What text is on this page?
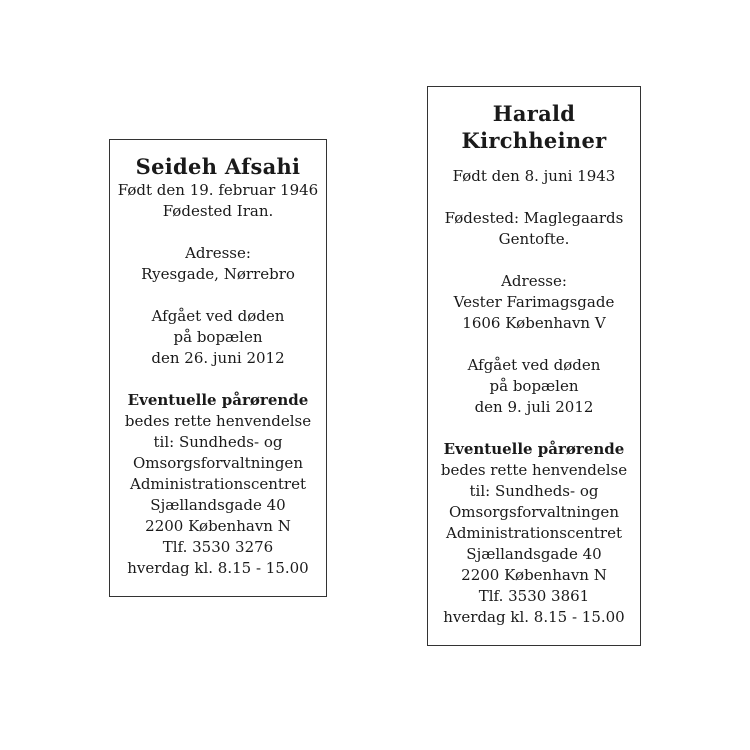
Seideh Afsahi
Født den 19. februar 1946
Fødested Iran.
Adresse:
Ryesgade, Nørrebro
Afgået ved døden
på bopælen
den 26. juni 2012
Eventuelle pårørende
bedes rette henvendelse
til: Sundheds- og
Omsorgsforvaltningen
Administrationscentret
Sjællandsgade 40
2200 København N
Tlf. 3530 3276
hverdag kl. 8.15 - 15.00
Harald
Kirchheiner
Født den 8. juni 1943
Fødested: Maglegaards
Gentofte.
Adresse:
Vester Farimagsgade
1606 København V
Afgået ved døden
på bopælen
den 9. juli 2012
Eventuelle pårørende
bedes rette henvendelse
til: Sundheds- og
Omsorgsforvaltningen
Administrationscentret
Sjællandsgade 40
2200 København N
Tlf. 3530 3861
hverdag kl. 8.15 - 15.00
